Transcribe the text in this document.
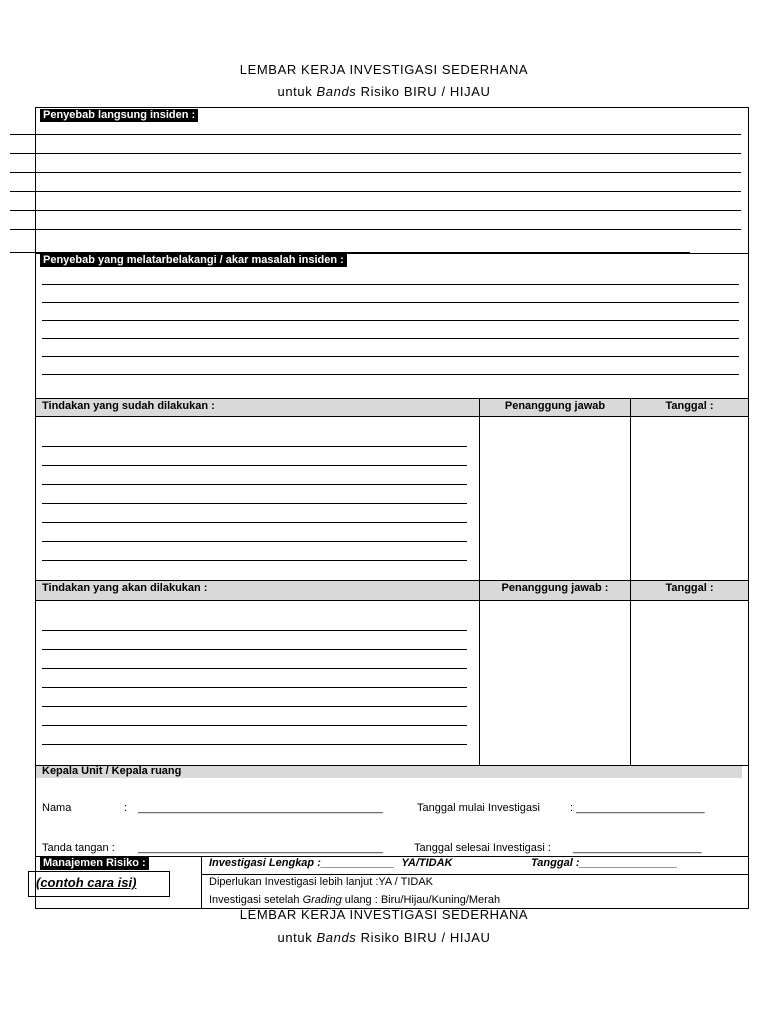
LEMBAR KERJA INVESTIGASI SEDERHANA
untuk Bands Risiko BIRU / HIJAU
Penyebab langsung insiden :
Penyebab yang melatarbelakangi / akar masalah insiden :
Tindakan yang sudah dilakukan :	Penanggung jawab	Tanggal :
Tindakan yang akan dilakukan :	Penanggung jawab :	Tanggal :
Kepala Unit / Kepala ruang
Nama	: ________________________________________	Tanggal mulai Investigasi	: _____________________
Tanda tangan : ________________________________________	Tanggal selesai Investigasi : _____________________
Manajemen Risiko :	Investigasi Lengkap :____________ YA/TIDAK	Tanggal :________________
Diperlukan Investigasi lebih lanjut :YA / TIDAK
Investigasi setelah Grading ulang : Biru/Hijau/Kuning/Merah
(contoh cara isi)
LEMBAR KERJA INVESTIGASI SEDERHANA
untuk Bands Risiko BIRU / HIJAU
